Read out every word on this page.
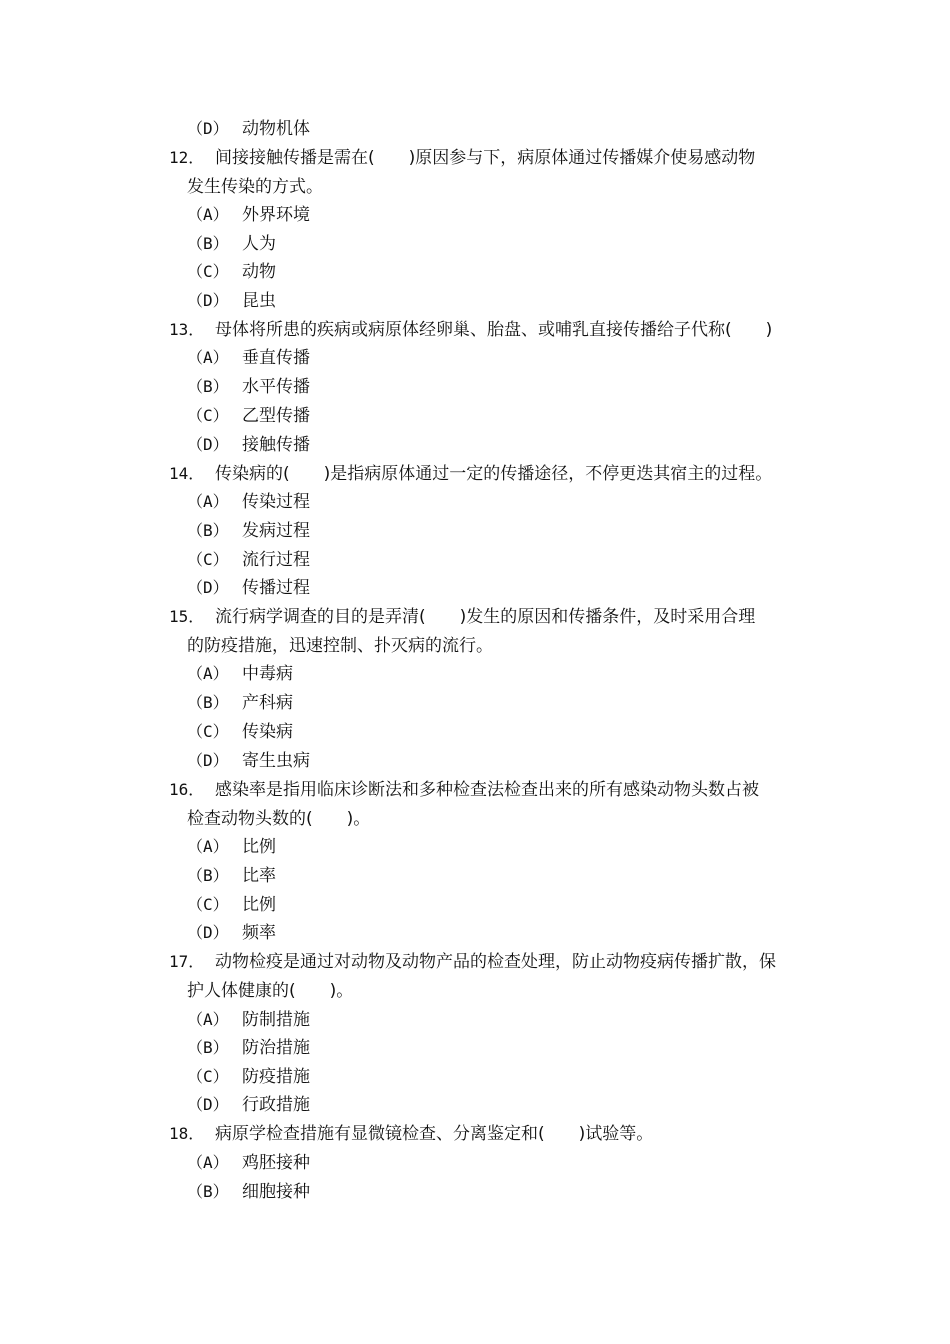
（D） 动物机体
12． 间接接触传播是需在(　　)原因参与下，病原体通过传播媒介使易感动物
发生传染的方式。
（A） 外界环境
（B） 人为
（C） 动物
（D） 昆虫
13． 母体将所患的疾病或病原体经卵巢、胎盘、或哺乳直接传播给子代称(　　)
（A） 垂直传播
（B） 水平传播
（C） 乙型传播
（D） 接触传播
14． 传染病的(　　)是指病原体通过一定的传播途径，不停更迭其宿主的过程。
（A） 传染过程
（B） 发病过程
（C） 流行过程
（D） 传播过程
15． 流行病学调查的目的是弄清(　　)发生的原因和传播条件，及时采用合理
的防疫措施，迅速控制、扑灭病的流行。
（A） 中毒病
（B） 产科病
（C） 传染病
（D） 寄生虫病
16． 感染率是指用临床诊断法和多种检查法检查出来的所有感染动物头数占被
检查动物头数的(　　)。
（A） 比例
（B） 比率
（C） 比例
（D） 频率
17． 动物检疫是通过对动物及动物产品的检查处理，防止动物疫病传播扩散，保
护人体健康的(　　)。
（A） 防制措施
（B） 防治措施
（C） 防疫措施
（D） 行政措施
18． 病原学检查措施有显微镜检查、分离鉴定和(　　)试验等。
（A） 鸡胚接种
（B） 细胞接种
